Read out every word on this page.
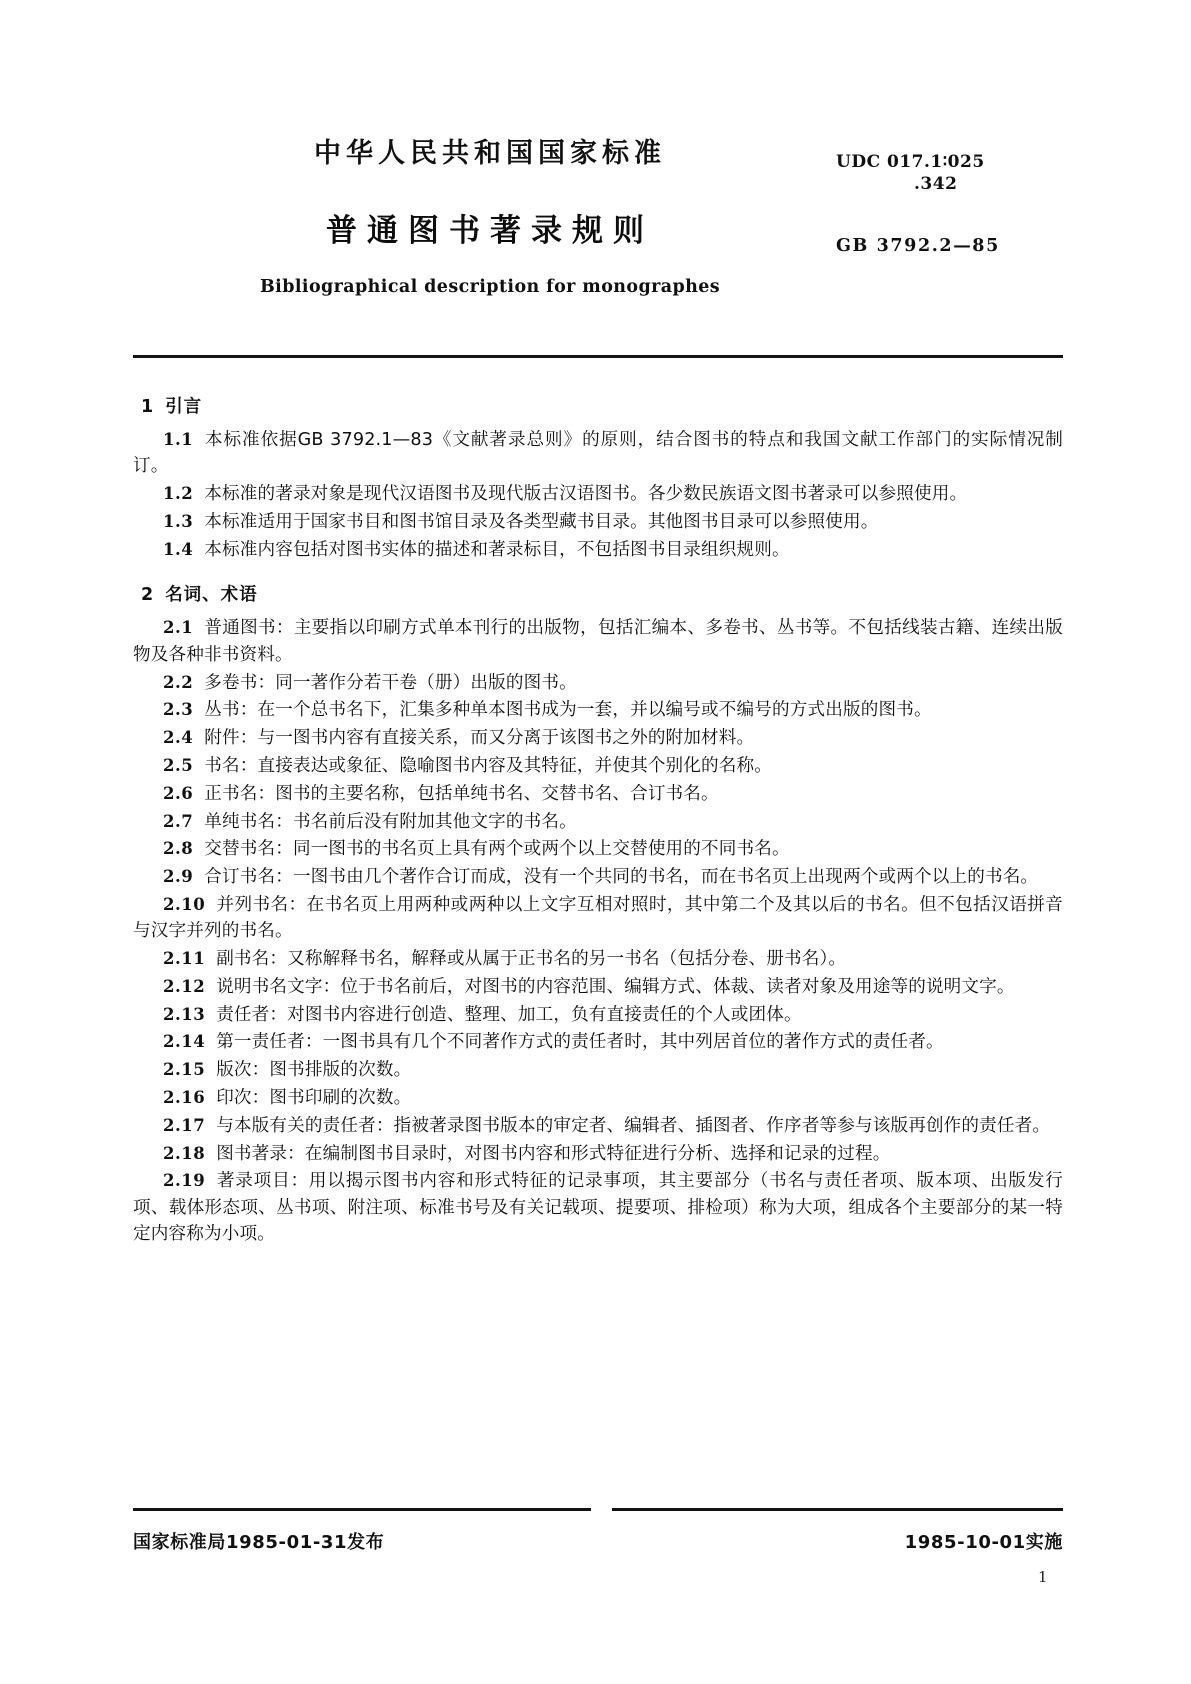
中华人民共和国国家标准
普通图书著录规则
Bibliographical description for monographes
UDC 017.1∶025
.342
GB 3792.2—85
1 引言

1.1 本标准依据GB 3792.1—83《文献著录总则》的原则，结合图书的特点和我国文献工作部门的实际情况制订。

1.2 本标准的著录对象是现代汉语图书及现代版古汉语图书。各少数民族语文图书著录可以参照使用。

1.3 本标准适用于国家书目和图书馆目录及各类型藏书目录。其他图书目录可以参照使用。

1.4 本标准内容包括对图书实体的描述和著录标目，不包括图书目录组织规则。

2 名词、术语

2.1 普通图书：主要指以印刷方式单本刊行的出版物，包括汇编本、多卷书、丛书等。不包括线装古籍、连续出版物及各种非书资料。

2.2 多卷书：同一著作分若干卷（册）出版的图书。

2.3 丛书：在一个总书名下，汇集多种单本图书成为一套，并以编号或不编号的方式出版的图书。

2.4 附件：与一图书内容有直接关系，而又分离于该图书之外的附加材料。

2.5 书名：直接表达或象征、隐喻图书内容及其特征，并使其个别化的名称。

2.6 正书名：图书的主要名称，包括单纯书名、交替书名、合订书名。

2.7 单纯书名：书名前后没有附加其他文字的书名。

2.8 交替书名：同一图书的书名页上具有两个或两个以上交替使用的不同书名。

2.9 合订书名：一图书由几个著作合订而成，没有一个共同的书名，而在书名页上出现两个或两个以上的书名。

2.10 并列书名：在书名页上用两种或两种以上文字互相对照时，其中第二个及其以后的书名。但不包括汉语拼音与汉字并列的书名。

2.11 副书名：又称解释书名，解释或从属于正书名的另一书名（包括分卷、册书名）。

2.12 说明书名文字：位于书名前后，对图书的内容范围、编辑方式、体裁、读者对象及用途等的说明文字。

2.13 责任者：对图书内容进行创造、整理、加工，负有直接责任的个人或团体。

2.14 第一责任者：一图书具有几个不同著作方式的责任者时，其中列居首位的著作方式的责任者。

2.15 版次：图书排版的次数。

2.16 印次：图书印刷的次数。

2.17 与本版有关的责任者：指被著录图书版本的审定者、编辑者、插图者、作序者等参与该版再创作的责任者。

2.18 图书著录：在编制图书目录时，对图书内容和形式特征进行分析、选择和记录的过程。

2.19 著录项目：用以揭示图书内容和形式特征的记录事项，其主要部分（书名与责任者项、版本项、出版发行项、载体形态项、丛书项、附注项、标准书号及有关记载项、提要项、排检项）称为大项，组成各个主要部分的某一特定内容称为小项。

国家标准局1985-01-31发布	1985-10-01实施
1
